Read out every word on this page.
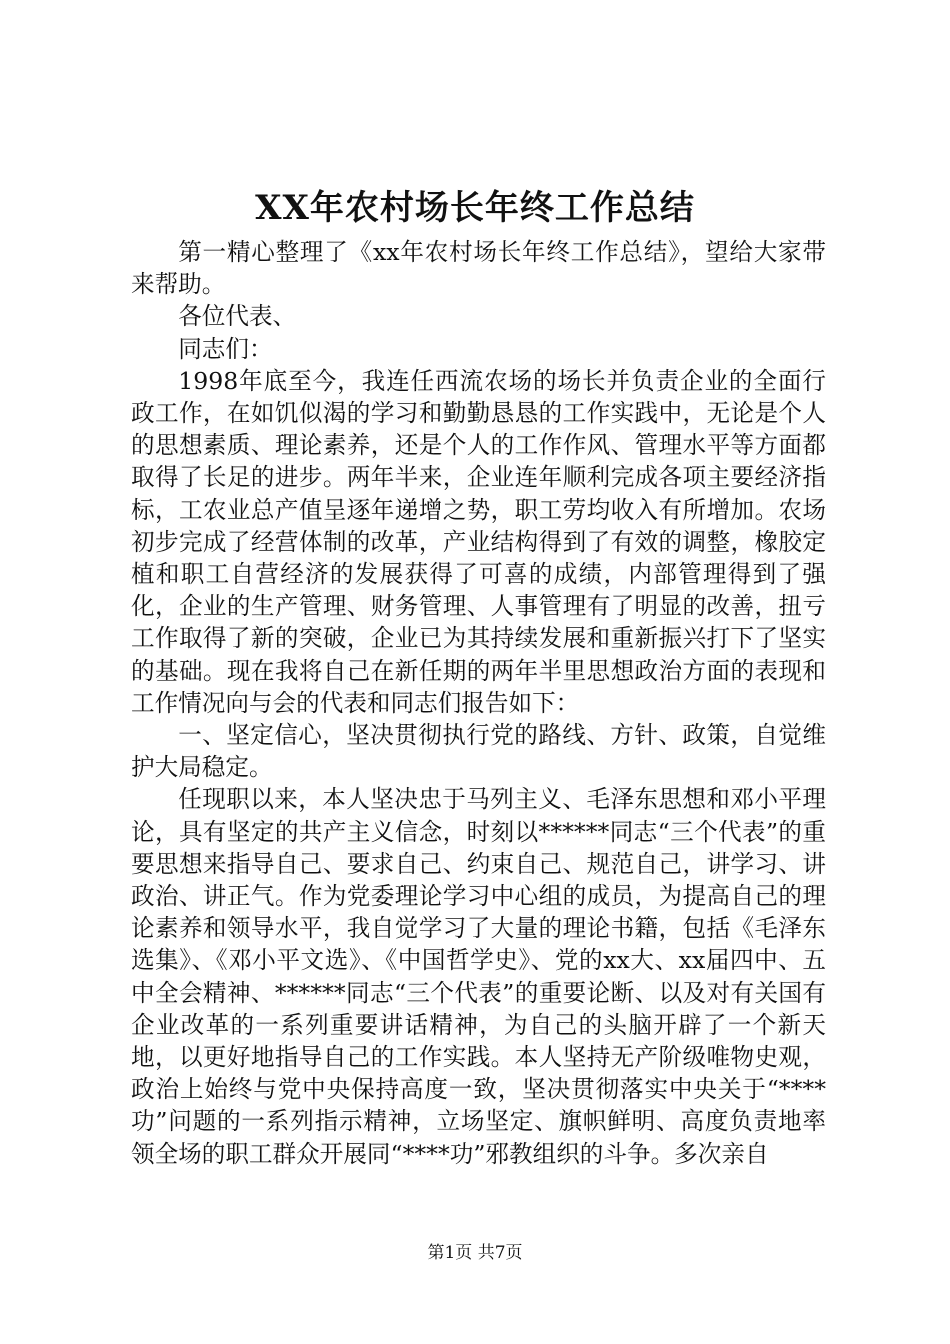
XX年农村场长年终工作总结

第一精心整理了《xx年农村场长年终工作总结》，望给大家带来帮助。

各位代表、

同志们：

1998年底至今，我连任西流农场的场长并负责企业的全面行政工作，在如饥似渴的学习和勤勤恳恳的工作实践中，无论是个人的思想素质、理论素养，还是个人的工作作风、管理水平等方面都取得了长足的进步。两年半来，企业连年顺利完成各项主要经济指标，工农业总产值呈逐年递增之势，职工劳均收入有所增加。农场初步完成了经营体制的改革，产业结构得到了有效的调整，橡胶定植和职工自营经济的发展获得了可喜的成绩，内部管理得到了强化，企业的生产管理、财务管理、人事管理有了明显的改善，扭亏工作取得了新的突破，企业已为其持续发展和重新振兴打下了坚实的基础。现在我将自己在新任期的两年半里思想政治方面的表现和工作情况向与会的代表和同志们报告如下：

一、坚定信心，坚决贯彻执行党的路线、方针、政策，自觉维护大局稳定。

任现职以来，本人坚决忠于马列主义、毛泽东思想和邓小平理论，具有坚定的共产主义信念，时刻以******同志“三个代表”的重要思想来指导自己、要求自己、约束自己、规范自己，讲学习、讲政治、讲正气。作为党委理论学习中心组的成员，为提高自己的理论素养和领导水平，我自觉学习了大量的理论书籍，包括《毛泽东选集》、《邓小平文选》、《中国哲学史》、党的xx大、xx届四中、五中全会精神、******同志“三个代表”的重要论断、以及对有关国有企业改革的一系列重要讲话精神，为自己的头脑开辟了一个新天地，以更好地指导自己的工作实践。本人坚持无产阶级唯物史观，政治上始终与党中央保持高度一致，坚决贯彻落实中央关于“****功”问题的一系列指示精神，立场坚定、旗帜鲜明、高度负责地率领全场的职工群众开展同“****功”邪教组织的斗争。多次亲自

第1页 共7页
